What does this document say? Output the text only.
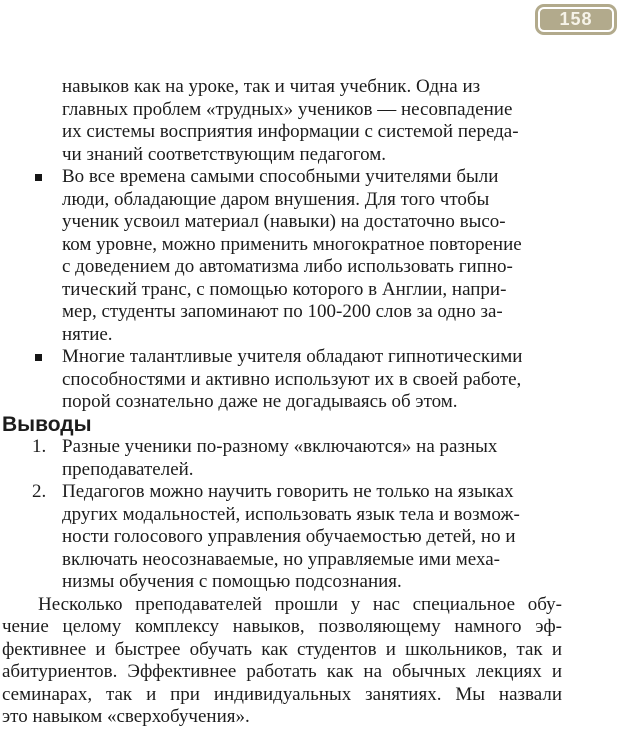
158
навыков как на уроке, так и читая учебник. Одна из
главных проблем «трудных» учеников — несовпадение
их системы восприятия информации с системой переда-
чи знаний соответствующим педагогом.
Во все времена самыми способными учителями были
люди, обладающие даром внушения. Для того чтобы
ученик усвоил материал (навыки) на достаточно высо-
ком уровне, можно применить многократное повторение
с доведением до автоматизма либо использовать гипно-
тический транс, с помощью которого в Англии, напри-
мер, студенты запоминают по 100-200 слов за одно за-
нятие.
Многие талантливые учителя обладают гипнотическими
способностями и активно используют их в своей работе,
порой сознательно даже не догадываясь об этом.
Выводы
1. Разные ученики по-разному «включаются» на разных
преподавателей.
2. Педагогов можно научить говорить не только на языках
других модальностей, использовать язык тела и возмож-
ности голосового управления обучаемостью детей, но и
включать неосознаваемые, но управляемые ими меха-
низмы обучения с помощью подсознания.
Несколько преподавателей прошли у нас специальное обу-
чение целому комплексу навыков, позволяющему намного эф-
фективнее и быстрее обучать как студентов и школьников, так и
абитуриентов. Эффективнее работать как на обычных лекциях и
семинарах, так и при индивидуальных занятиях. Мы назвали
это навыком «сверхобучения».
